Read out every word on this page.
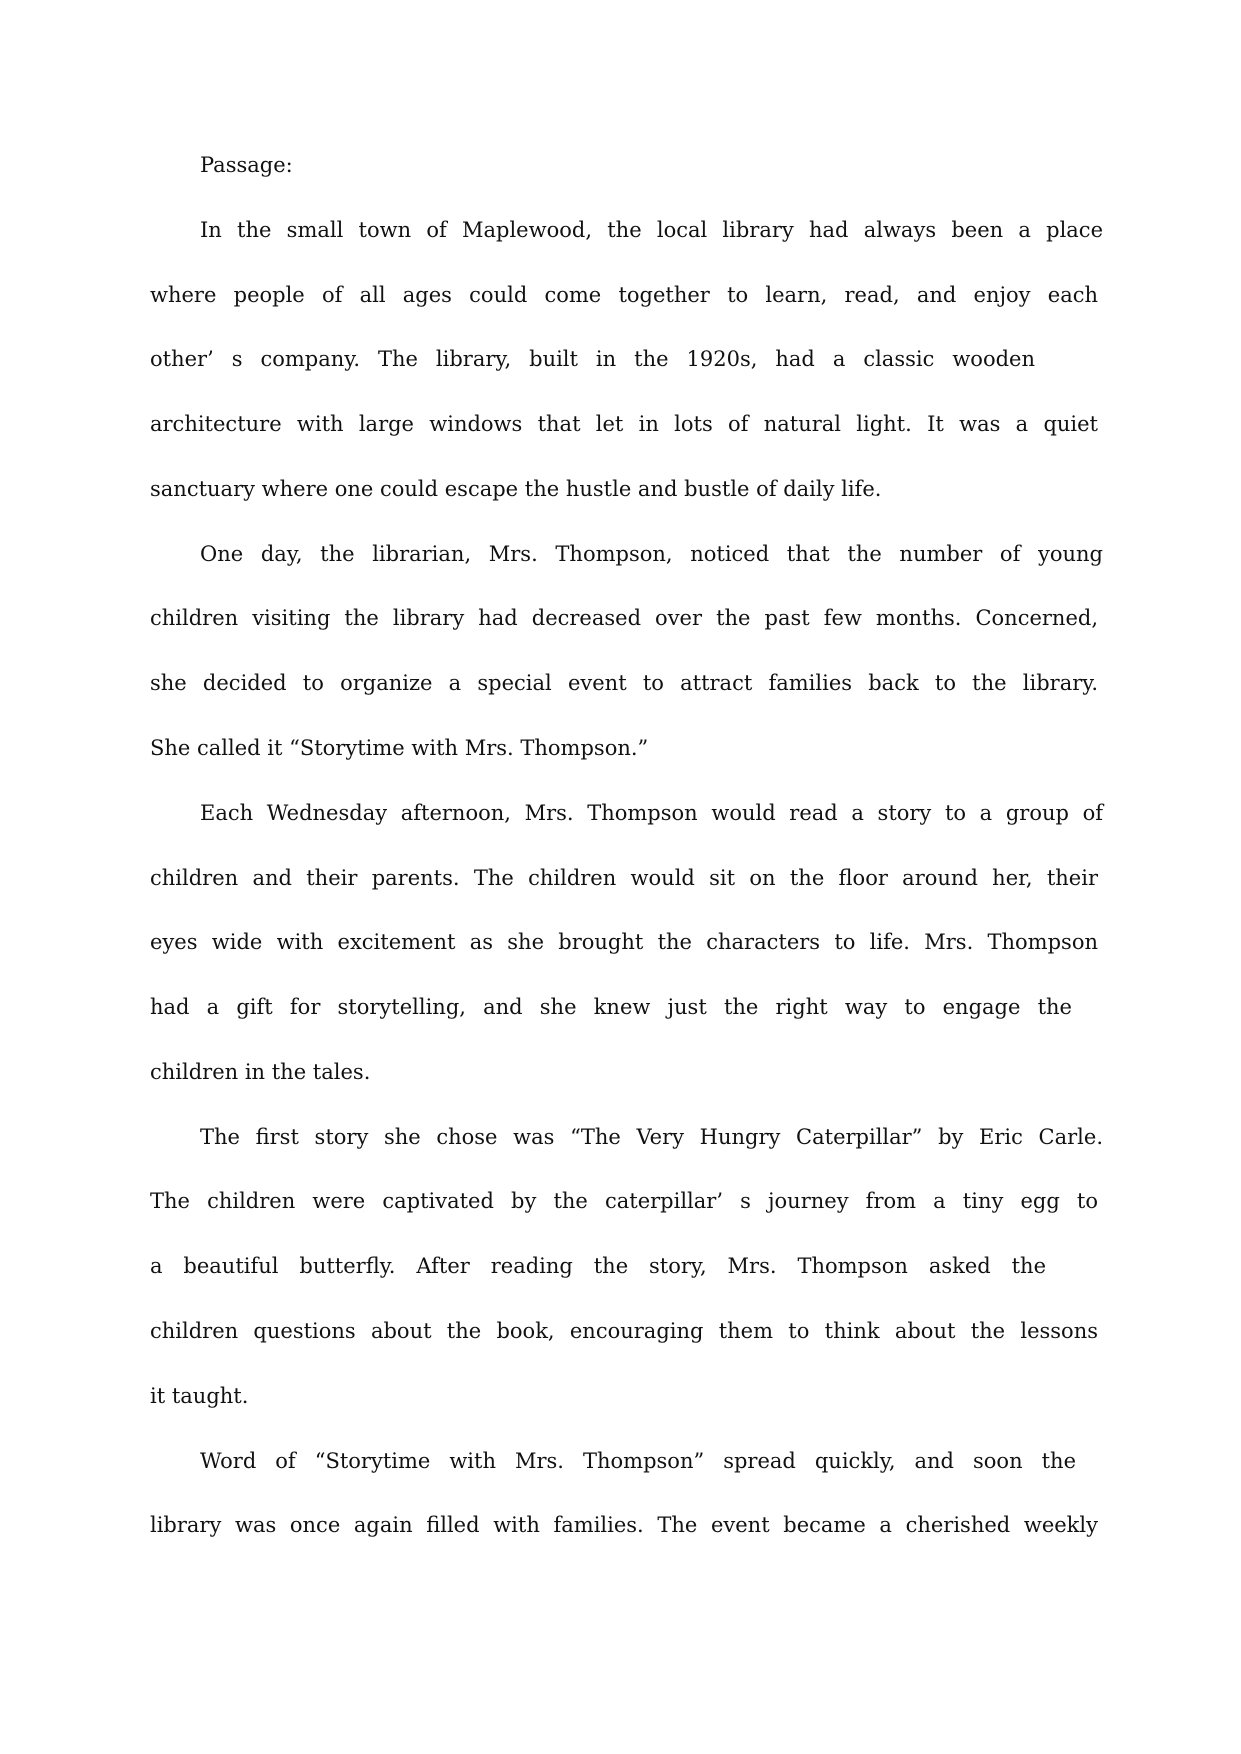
Passage:

In the small town of Maplewood, the local library had always been a place

where people of all ages could come together to learn, read, and enjoy each

other’ s company. The library, built in the 1920s, had a classic wooden

architecture with large windows that let in lots of natural light. It was a quiet

sanctuary where one could escape the hustle and bustle of daily life.

One day, the librarian, Mrs. Thompson, noticed that the number of young

children visiting the library had decreased over the past few months. Concerned,

she decided to organize a special event to attract families back to the library.

She called it “Storytime with Mrs. Thompson.”

Each Wednesday afternoon, Mrs. Thompson would read a story to a group of

children and their parents. The children would sit on the floor around her, their

eyes wide with excitement as she brought the characters to life. Mrs. Thompson

had a gift for storytelling, and she knew just the right way to engage the

children in the tales.

The first story she chose was “The Very Hungry Caterpillar” by Eric Carle.

The children were captivated by the caterpillar’ s journey from a tiny egg to

a beautiful butterfly. After reading the story, Mrs. Thompson asked the

children questions about the book, encouraging them to think about the lessons

it taught.

Word of “Storytime with Mrs. Thompson” spread quickly, and soon the

library was once again filled with families. The event became a cherished weekly
